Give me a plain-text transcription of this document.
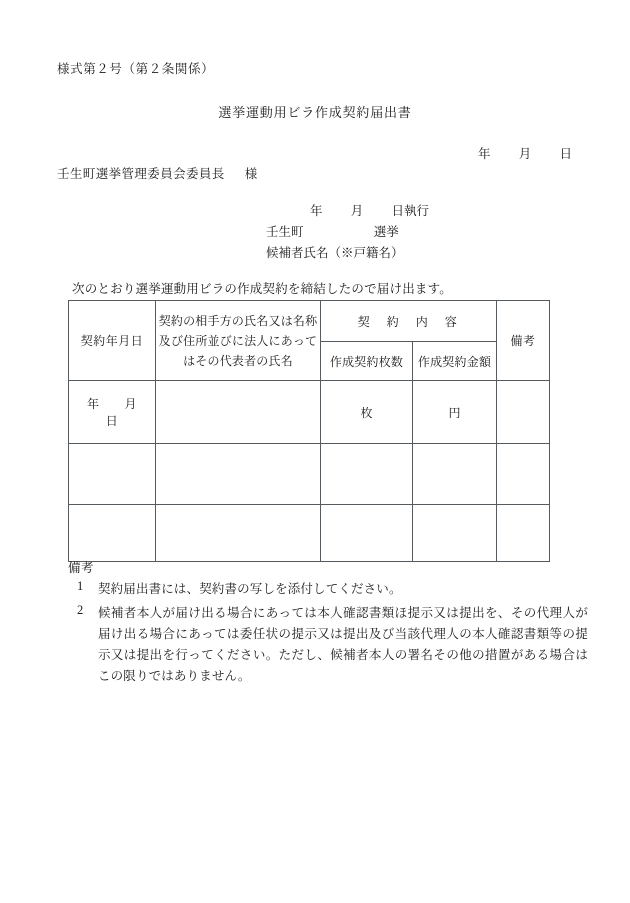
様式第２号（第２条関係）
選挙運動用ビラ作成契約届出書
年 月 日
壬生町選挙管理委員会委員長 様
年 月 日執行
壬生町	選挙
候補者氏名（※戸籍名）
次のとおり選挙運動用ビラの作成契約を締結したので届け出ます。
契約年月日	契約の相手方の氏名又は名称及び住所並びに法人にあってはその代表者の氏名	契　約　内　容		備考
		作成契約枚数	作成契約金額	
年　　月　　日		枚	円	

備考
1	契約届出書には、契約書の写しを添付してください。
2	候補者本人が届け出る場合にあっては本人確認書類ほ提示又は提出を、その代理人が届け出る場合にあっては委任状の提示又は提出及び当該代理人の本人確認書類等の提示又は提出を行ってください。ただし、候補者本人の署名その他の措置がある場合はこの限りではありません。
